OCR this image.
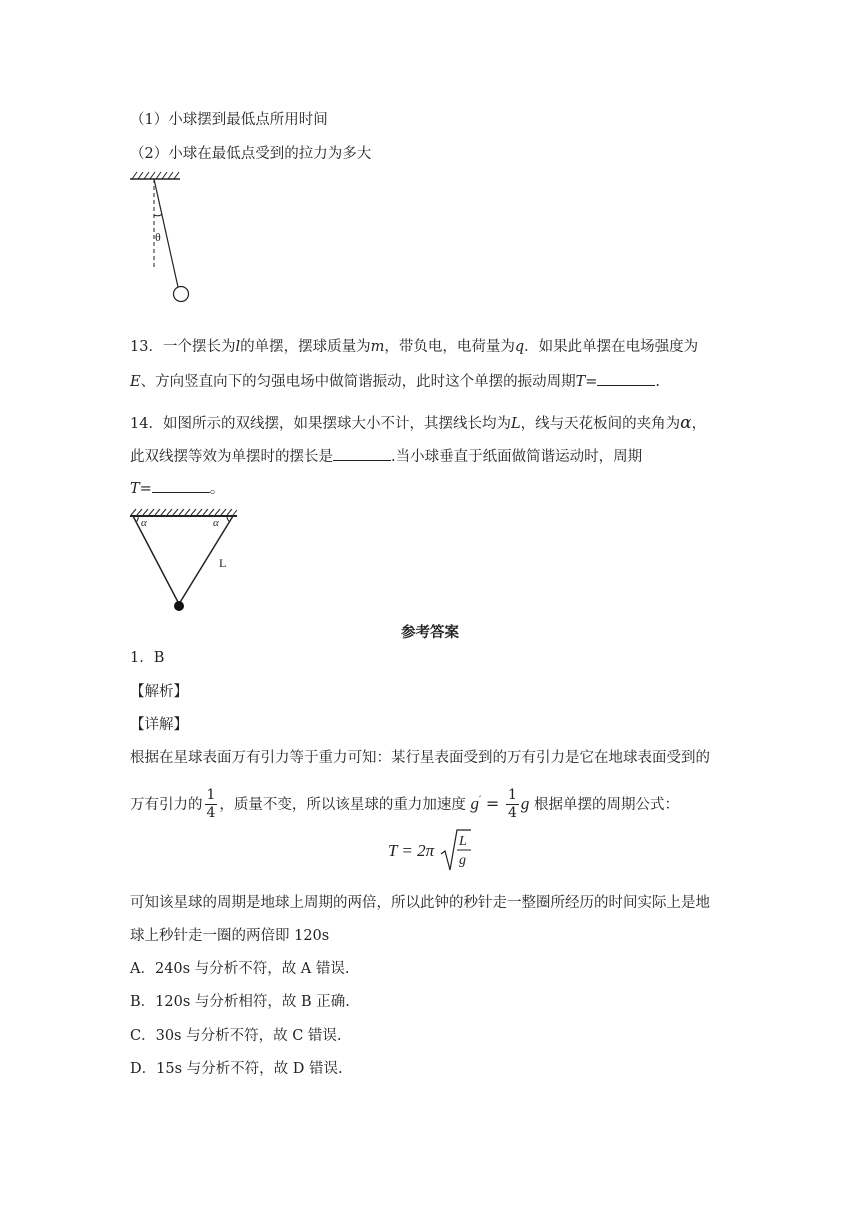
（1）小球摆到最低点所用时间
（2）小球在最低点受到的拉力为多大
θ
13．一个摆长为l的单摆，摆球质量为m，带负电，电荷量为q．如果此单摆在电场强度为
E、方向竖直向下的匀强电场中做简谐振动，此时这个单摆的振动周期T=	.
14．如图所示的双线摆，如果摆球大小不计，其摆线长均为L，线与天花板间的夹角为α，
此双线摆等效为单摆时的摆长是	.当小球垂直于纸面做简谐运动时，周期
T=	。
α	α
L
参考答案
1．B
【解析】
【详解】
根据在星球表面万有引力等于重力可知：某行星表面受到的万有引力是它在地球表面受到的
万有引力的 $\frac{1}{4}$ ，质量不变，所以该星球的重力加速度 $g' = \frac{1}{4}$ g 根据单摆的周期公式：
T = 2π L
g
可知该星球的周期是地球上周期的两倍，所以此钟的秒针走一整圈所经历的时间实际上是地
球上秒针走一圈的两倍即 120s
A．240s 与分析不符，故 A 错误.
B．120s 与分析相符，故 B 正确.
C．30s 与分析不符，故 C 错误.
D．15s 与分析不符，故 D 错误.
